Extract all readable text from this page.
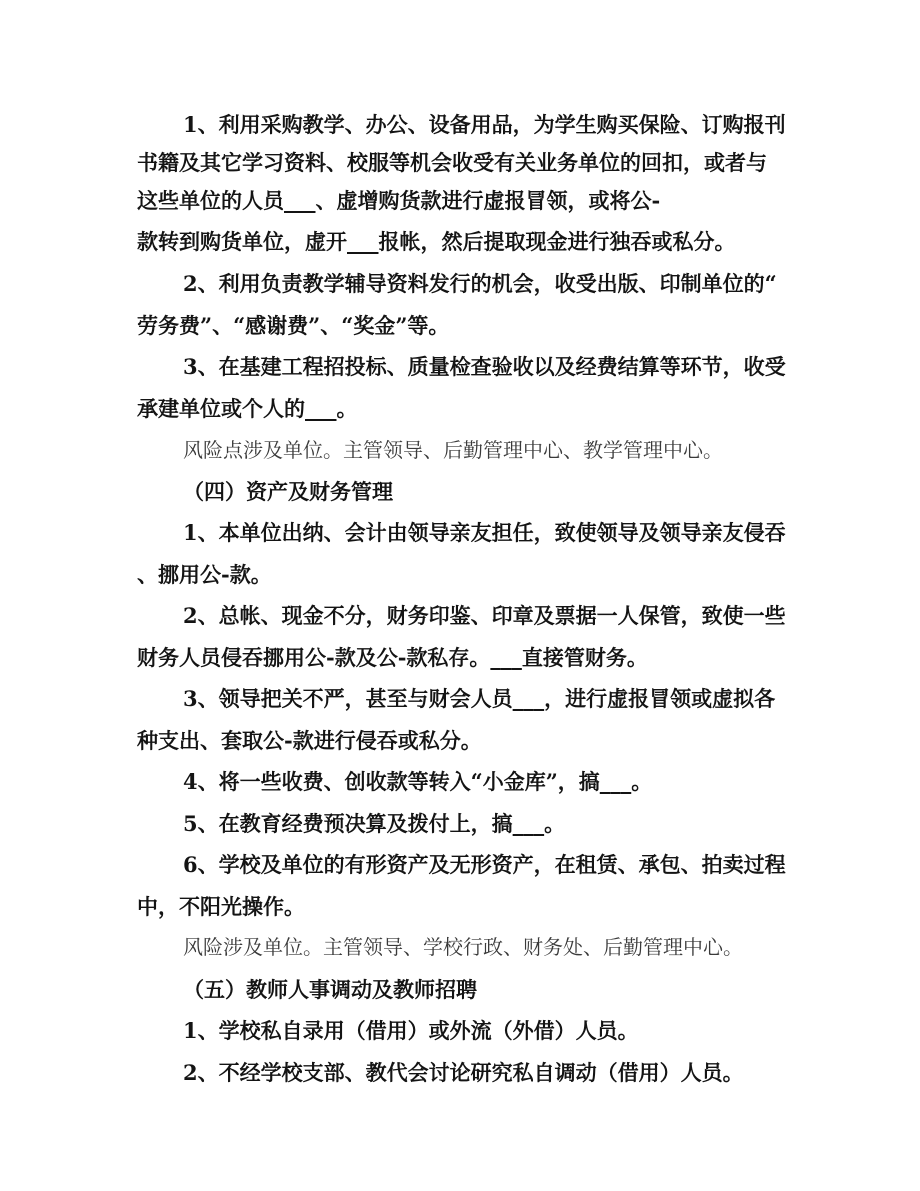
1、利用采购教学、办公、设备用品，为学生购买保险、订购报刊
书籍及其它学习资料、校服等机会收受有关业务单位的回扣，或者与
这些单位的人员___、虚增购货款进行虚报冒领，或将公-
款转到购货单位，虚开___报帐，然后提取现金进行独吞或私分。
2、利用负责教学辅导资料发行的机会，收受出版、印制单位的“
劳务费”、“感谢费”、“奖金”等。
3、在基建工程招投标、质量检查验收以及经费结算等环节，收受
承建单位或个人的___。
风险点涉及单位。主管领导、后勤管理中心、教学管理中心。
（四）资产及财务管理
1、本单位出纳、会计由领导亲友担任，致使领导及领导亲友侵吞
、挪用公-款。
2、总帐、现金不分，财务印鉴、印章及票据一人保管，致使一些
财务人员侵吞挪用公-款及公-款私存。___直接管财务。
3、领导把关不严，甚至与财会人员___，进行虚报冒领或虚拟各
种支出、套取公-款进行侵吞或私分。
4、将一些收费、创收款等转入“小金库”，搞___。
5、在教育经费预决算及拨付上，搞___。
6、学校及单位的有形资产及无形资产，在租赁、承包、拍卖过程
中，不阳光操作。
风险涉及单位。主管领导、学校行政、财务处、后勤管理中心。
（五）教师人事调动及教师招聘
1、学校私自录用（借用）或外流（外借）人员。
2、不经学校支部、教代会讨论研究私自调动（借用）人员。
